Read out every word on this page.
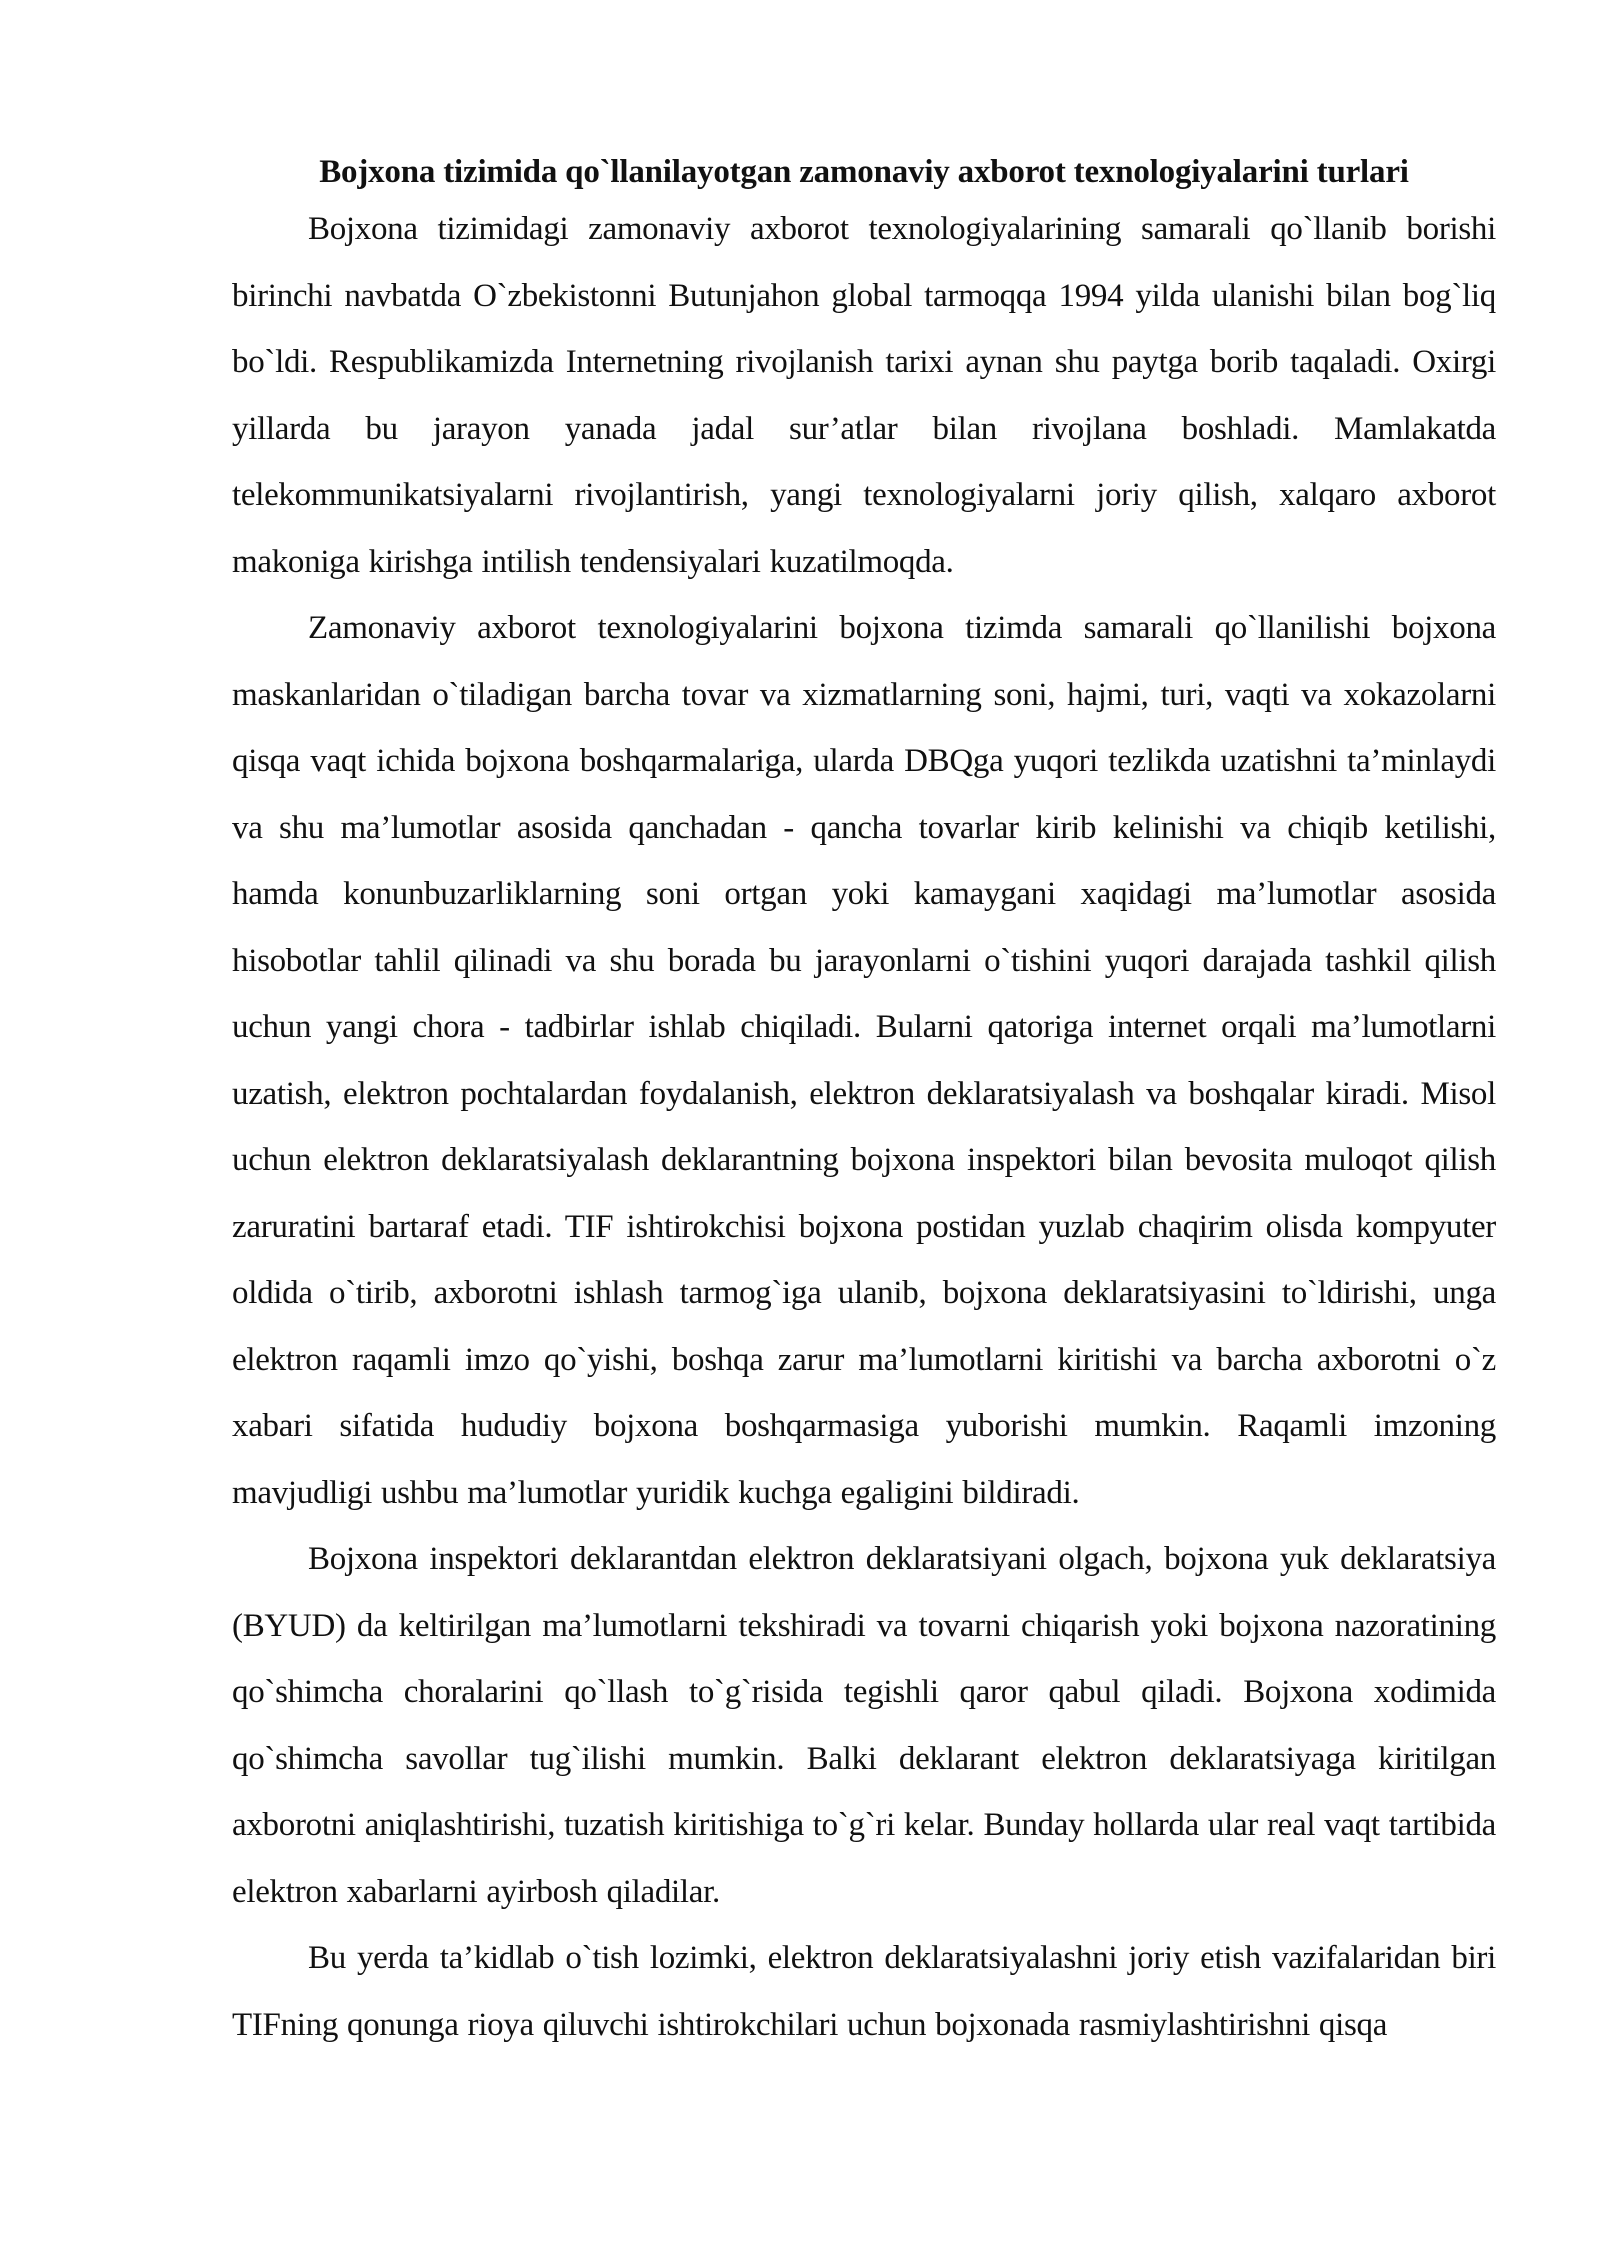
Bojxona tizimida qo`llanilayotgan zamonaviy axborot texnologiyalarini turlari

Bojxona tizimidagi zamonaviy axborot texnologiyalarining samarali qo`llanib borishi birinchi navbatda O`zbekistonni Butunjahon global tarmoqqa 1994 yilda ulanishi bilan bog`liq bo`ldi. Respublikamizda Internetning rivojlanish tarixi aynan shu paytga borib taqaladi. Oxirgi yillarda bu jarayon yanada jadal sur’atlar bilan rivojlana boshladi. Mamlakatda telekommunikatsiyalarni rivojlantirish, yangi texnologiyalarni joriy qilish, xalqaro axborot makoniga kirishga intilish tendensiyalari kuzatilmoqda.

Zamonaviy axborot texnologiyalarini bojxona tizimda samarali qo`llanilishi bojxona maskanlaridan o`tiladigan barcha tovar va xizmatlarning soni, hajmi, turi, vaqti va xokazolarni qisqa vaqt ichida bojxona boshqarmalariga, ularda DBQga yuqori tezlikda uzatishni ta’minlaydi va shu ma’lumotlar asosida qanchadan - qancha tovarlar kirib kelinishi va chiqib ketilishi, hamda konunbuzarliklarning soni ortgan yoki kamaygani xaqidagi ma’lumotlar asosida hisobotlar tahlil qilinadi va shu borada bu jarayonlarni o`tishini yuqori darajada tashkil qilish uchun yangi chora - tadbirlar ishlab chiqiladi. Bularni qatoriga internet orqali ma’lumotlarni uzatish, elektron pochtalardan foydalanish, elektron deklaratsiyalash va boshqalar kiradi. Misol uchun elektron deklaratsiyalash deklarantning bojxona inspektori bilan bevosita muloqot qilish zaruratini bartaraf etadi. TIF ishtirokchisi bojxona postidan yuzlab chaqirim olisda kompyuter oldida o`tirib, axborotni ishlash tarmog`iga ulanib, bojxona deklaratsiyasini to`ldirishi, unga elektron raqamli imzo qo`yishi, boshqa zarur ma’lumotlarni kiritishi va barcha axborotni o`z xabari sifatida hududiy bojxona boshqarmasiga yuborishi mumkin. Raqamli imzoning mavjudligi ushbu ma’lumotlar yuridik kuchga egaligini bildiradi.

Bojxona inspektori deklarantdan elektron deklaratsiyani olgach, bojxona yuk deklaratsiya (BYUD) da keltirilgan ma’lumotlarni tekshiradi va tovarni chiqarish yoki bojxona nazoratining qo`shimcha choralarini qo`llash to`g`risida tegishli qaror qabul qiladi. Bojxona xodimida qo`shimcha savollar tug`ilishi mumkin. Balki deklarant elektron deklaratsiyaga kiritilgan axborotni aniqlashtirishi, tuzatish kiritishiga to`g`ri kelar. Bunday hollarda ular real vaqt tartibida elektron xabarlarni ayirbosh qiladilar.

Bu yerda ta’kidlab o`tish lozimki, elektron deklaratsiyalashni joriy etish vazifalaridan biri TIFning qonunga rioya qiluvchi ishtirokchilari uchun bojxonada rasmiylashtirishni qisqa
